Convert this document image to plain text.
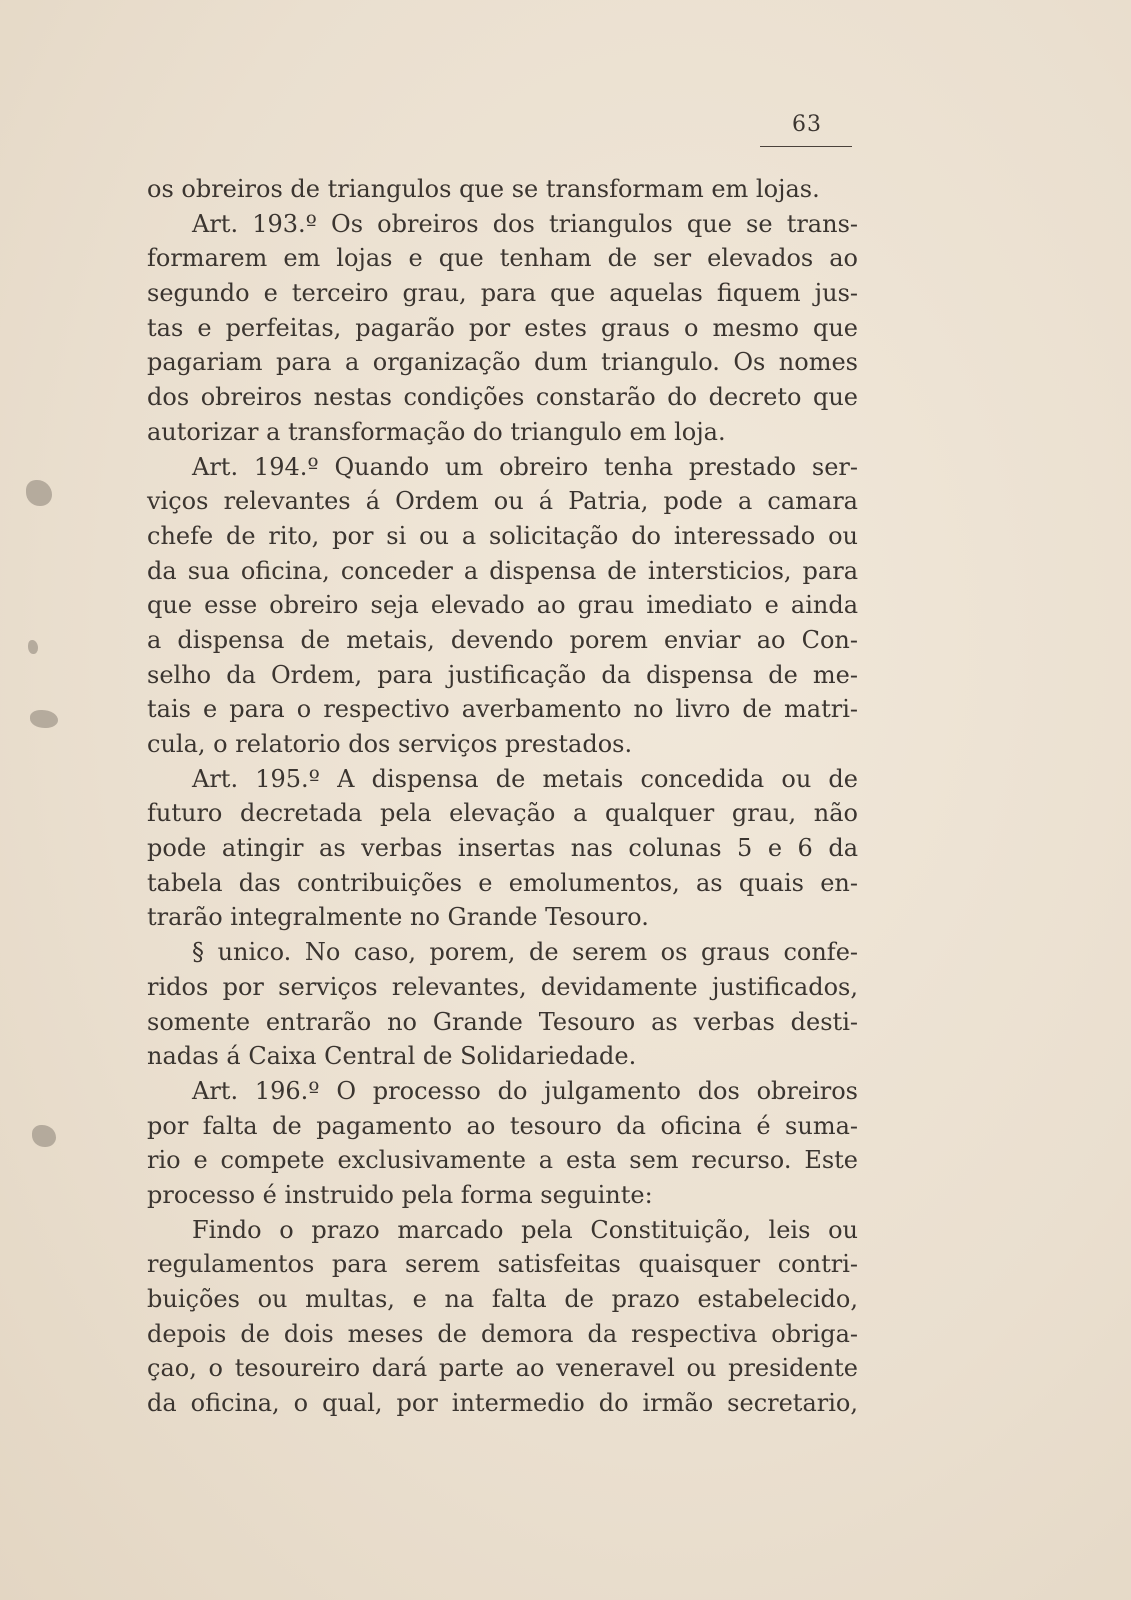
63
os obreiros de triangulos que se transformam em lojas.
Art. 193.º Os obreiros dos triangulos que se trans-
formarem em lojas e que tenham de ser elevados ao
segundo e terceiro grau, para que aquelas fiquem jus-
tas e perfeitas, pagarão por estes graus o mesmo que
pagariam para a organização dum triangulo. Os nomes
dos obreiros nestas condições constarão do decreto que
autorizar a transformação do triangulo em loja.
Art. 194.º Quando um obreiro tenha prestado ser-
viços relevantes á Ordem ou á Patria, pode a camara
chefe de rito, por si ou a solicitação do interessado ou
da sua oficina, conceder a dispensa de intersticios, para
que esse obreiro seja elevado ao grau imediato e ainda
a dispensa de metais, devendo porem enviar ao Con-
selho da Ordem, para justificação da dispensa de me-
tais e para o respectivo averbamento no livro de matri-
cula, o relatorio dos serviços prestados.
Art. 195.º A dispensa de metais concedida ou de
futuro decretada pela elevação a qualquer grau, não
pode atingir as verbas insertas nas colunas 5 e 6 da
tabela das contribuições e emolumentos, as quais en-
trarão integralmente no Grande Tesouro.
§ unico. No caso, porem, de serem os graus confe-
ridos por serviços relevantes, devidamente justificados,
somente entrarão no Grande Tesouro as verbas desti-
nadas á Caixa Central de Solidariedade.
Art. 196.º O processo do julgamento dos obreiros
por falta de pagamento ao tesouro da oficina é suma-
rio e compete exclusivamente a esta sem recurso. Este
processo é instruido pela forma seguinte:
Findo o prazo marcado pela Constituição, leis ou
regulamentos para serem satisfeitas quaisquer contri-
buições ou multas, e na falta de prazo estabelecido,
depois de dois meses de demora da respectiva obriga-
çao, o tesoureiro dará parte ao veneravel ou presidente
da oficina, o qual, por intermedio do irmão secretario,
